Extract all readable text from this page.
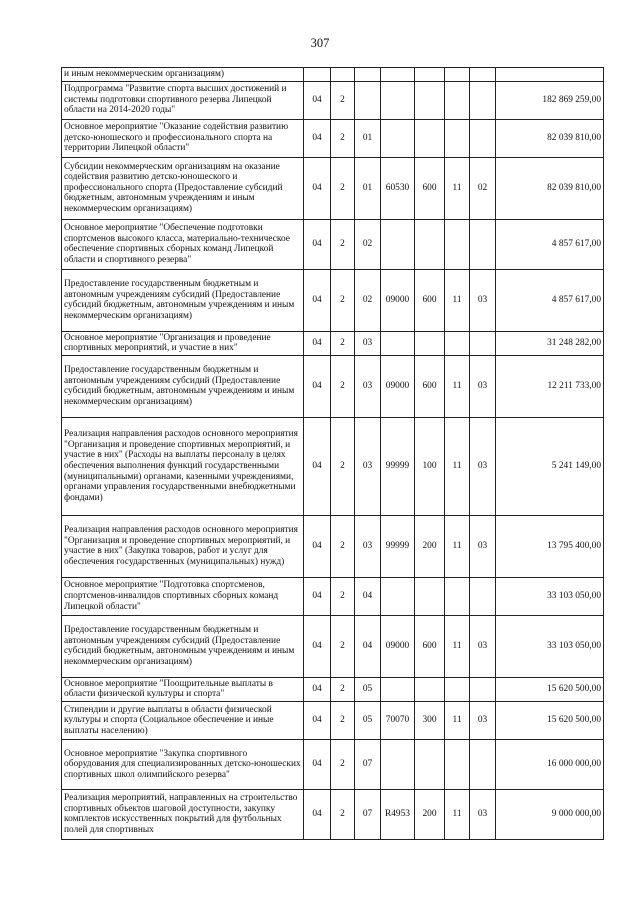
307
и иным некоммерческим организациям)								
Подпрограмма "Развитие спорта высших достижений и системы подготовки спортивного резерва Липецкой области на 2014-2020 годы"	04	2						182 869 259,00
Основное мероприятие "Оказание содействия развитию детско-юношеского и профессионального спорта на территории Липецкой области"	04	2	01					82 039 810,00
Субсидии некоммерческим организациям на оказание содействия развитию детско-юношеского и профессионального спорта (Предоставление субсидий бюджетным, автономным учреждениям и иным некоммерческим организациям)	04	2	01	60530	600	11	02	82 039 810,00
Основное мероприятие "Обеспечение подготовки спортсменов высокого класса, материально-техническое обеспечение спортивных сборных команд Липецкой области и спортивного резерва"	04	2	02					4 857 617,00
Предоставление государственным бюджетным и автономным учреждениям субсидий (Предоставление субсидий бюджетным, автономным учреждениям и иным некоммерческим организациям)	04	2	02	09000	600	11	03	4 857 617,00
Основное мероприятие "Организация и проведение спортивных мероприятий, и участие в них"	04	2	03					31 248 282,00
Предоставление государственным бюджетным и автономным учреждениям субсидий (Предоставление субсидий бюджетным, автономным учреждениям и иным некоммерческим организациям)	04	2	03	09000	600	11	03	12 211 733,00
Реализация направления расходов основного мероприятия "Организация и проведение спортивных мероприятий, и участие в них" (Расходы на выплаты персоналу в целях обеспечения выполнения функций государственными (муниципальными) органами, казенными учреждениями, органами управления государственными внебюджетными фондами)	04	2	03	99999	100	11	03	5 241 149,00
Реализация направления расходов основного мероприятия "Организация и проведение спортивных мероприятий, и участие в них" (Закупка товаров, работ и услуг для обеспечения государственных (муниципальных) нужд)	04	2	03	99999	200	11	03	13 795 400,00
Основное мероприятие "Подготовка спортсменов, спортсменов-инвалидов спортивных сборных команд Липецкой области"	04	2	04					33 103 050,00
Предоставление государственным бюджетным и автономным учреждениям субсидий (Предоставление субсидий бюджетным, автономным учреждениям и иным некоммерческим организациям)	04	2	04	09000	600	11	03	33 103 050,00
Основное мероприятие "Поощрительные выплаты в области физической культуры и спорта"	04	2	05					15 620 500,00
Стипендии и другие выплаты в области физической культуры и спорта (Социальное обеспечение и иные выплаты населению)	04	2	05	70070	300	11	03	15 620 500,00
Основное мероприятие "Закупка спортивного оборудования для специализированных детско-юношеских спортивных школ олимпийского резерва"	04	2	07					16 000 000,00
Реализация мероприятий, направленных на строительство спортивных объектов шаговой доступности, закупку комплектов искусственных покрытий для футбольных полей для спортивных	04	2	07	R4953	200	11	03	9 000 000,00
